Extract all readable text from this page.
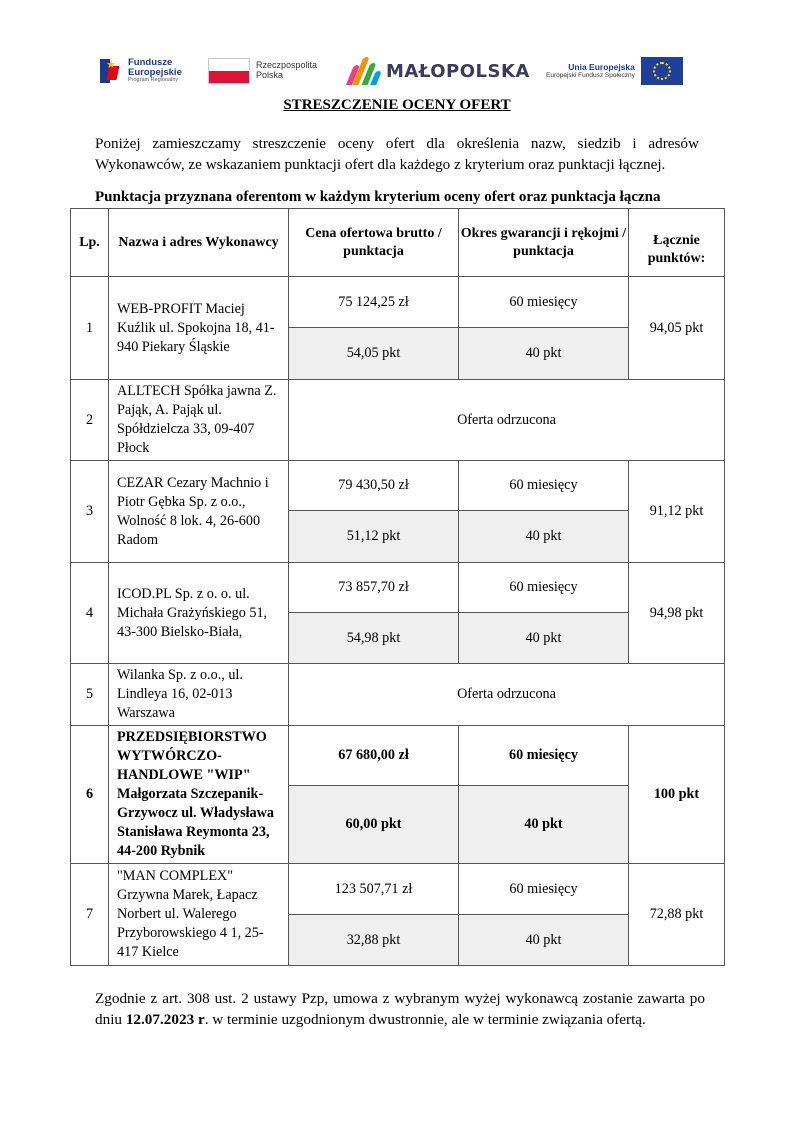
★ Fundusze
Europejskie
Program Regionalny
Rzeczpospolita
Polska	MAŁOPOLSKA	Unia Europejska
Europejski Fundusz Społeczny
STRESZCZENIE OCENY OFERT
Poniżej zamieszczamy streszczenie oceny ofert dla określenia nazw, siedzib i adresów Wykonawców, ze wskazaniem punktacji ofert dla każdego z kryterium oraz punktacji łącznej.
Punktacja przyznana oferentom w każdym kryterium oceny ofert oraz punktacja łączna
Lp.	Nazwa i adres Wykonawcy	Cena ofertowa brutto / punktacja	Okres gwarancji i rękojmi / punktacja	Łącznie punktów:
1	WEB-PROFIT Maciej Kuźlik ul. Spokojna 18, 41-940 Piekary Śląskie	75 124,25 zł	60 miesięcy	94,05 pkt
		54,05 pkt	40 pkt	
2	ALLTECH Spółka jawna Z. Pająk, A. Pająk ul. Spółdzielcza 33, 09-407 Płock	Oferta odrzucona		
3	CEZAR Cezary Machnio i Piotr Gębka Sp. z o.o., Wolność 8 lok. 4, 26-600 Radom	79 430,50 zł	60 miesięcy	91,12 pkt
		51,12 pkt	40 pkt	
4	ICOD.PL Sp. z o. o. ul. Michała Grażyńskiego 51, 43-300 Bielsko-Biała,	73 857,70 zł	60 miesięcy	94,98 pkt
		54,98 pkt	40 pkt	
5	Wilanka Sp. z o.o., ul. Lindleya 16, 02-013 Warszawa	Oferta odrzucona		
6	PRZEDSIĘBIORSTWO WYTWÓRCZO-HANDLOWE "WIP" Małgorzata Szczepanik-Grzywocz ul. Władysława Stanisława Reymonta 23, 44-200 Rybnik	67 680,00 zł	60 miesięcy	100 pkt
		60,00 pkt	40 pkt	
7	"MAN COMPLEX" Grzywna Marek, Łapacz Norbert ul. Walerego Przyborowskiego 4 1, 25-417 Kielce	123 507,71 zł	60 miesięcy	72,88 pkt
		32,88 pkt	40 pkt	
Zgodnie z art. 308 ust. 2 ustawy Pzp, umowa z wybranym wyżej wykonawcą zostanie zawarta po dniu 12.07.2023 r. w terminie uzgodnionym dwustronnie, ale w terminie związania ofertą.
